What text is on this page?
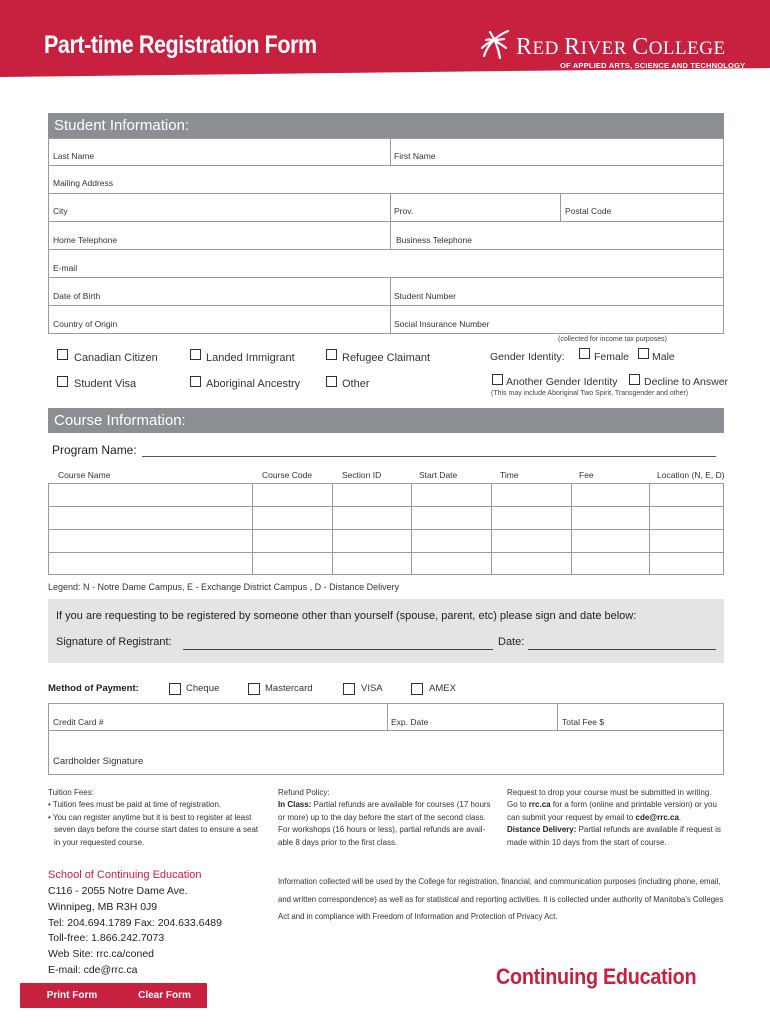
Part-time Registration Form	RED RIVER COLLEGE
OF APPLIED ARTS, SCIENCE AND TECHNOLOGY
Student Information:
Last Name	First Name
Mailing Address
City	Prov.	Postal Code
Home Telephone	Business Telephone
E-mail
Date of Birth	Student Number
Country of Origin	Social Insurance Number
(collected for income tax purposes)
Canadian Citizen	Landed Immigrant	Refugee Claimant
Student Visa	Aboriginal Ancestry	Other
Gender Identity:	Female Male
Another Gender Identity	Decline to Answer
(This may include Aboriginal Two Spirit, Transgender and other)
Course Information:
Program Name:
Course Name	Course Code	Section ID	Start Date	Time	Fee	Location (N, E, D)
Legend: N - Notre Dame Campus, E - Exchange District Campus , D - Distance Delivery
If you are requesting to be registered by someone other than yourself (spouse, parent, etc) please sign and date below:
Signature of Registrant:	Date:
Method of Payment:	Cheque	Mastercard	VISA	AMEX
Credit Card #	Exp. Date	Total Fee $
Cardholder Signature
Tuition Fees:
• Tuition fees must be paid at time of registration.
• You can register anytime but it is best to register at least
seven days before the course start dates to ensure a seat
in your requested course.
Refund Policy:
In Class: Partial refunds are available for courses (17 hours
or more) up to the day before the start of the second class.
For workshops (16 hours or less), partial refunds are avail-
able 8 days prior to the first class.
Request to drop your course must be submitted in writing.
Go to rrc.ca for a form (online and printable version) or you
can submit your request by email to cde@rrc.ca.
Distance Delivery: Partial refunds are available if request is
made within 10 days from the start of course.
School of Continuing Education
C116 - 2055 Notre Dame Ave.
Winnipeg, MB R3H 0J9
Tel: 204.694.1789 Fax: 204.633.6489
Toll-free: 1.866.242.7073
Web Site: rrc.ca/coned
E-mail: cde@rrc.ca
Information collected will be used by the College for registration, financial, and communication purposes (including phone, email, and written correspondence) as well as for statistical and reporting activities. It is collected under authority of Manitoba's Colleges Act and in compliance with Freedom of Information and Protection of Privacy Act.
Continuing Education
Print Form	Clear Form
